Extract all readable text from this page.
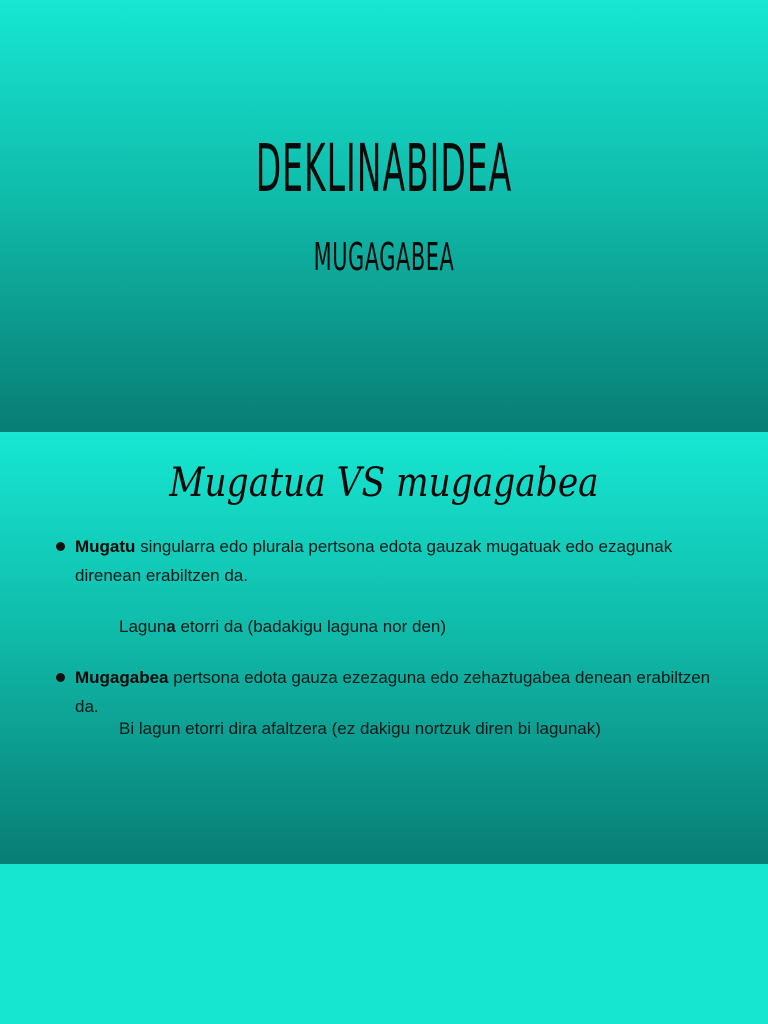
DEKLINABIDEA
MUGAGABEA
Mugatua VS mugagabea
Mugatu singularra edo plurala pertsona edota gauzak mugatuak edo ezagunak direnean erabiltzen da.
Laguna etorri da (badakigu laguna nor den)
Mugagabea pertsona edota gauza ezezaguna edo zehaztugabea denean erabiltzen da.
Bi lagun etorri dira afaltzera (ez dakigu nortzuk diren bi lagunak)
